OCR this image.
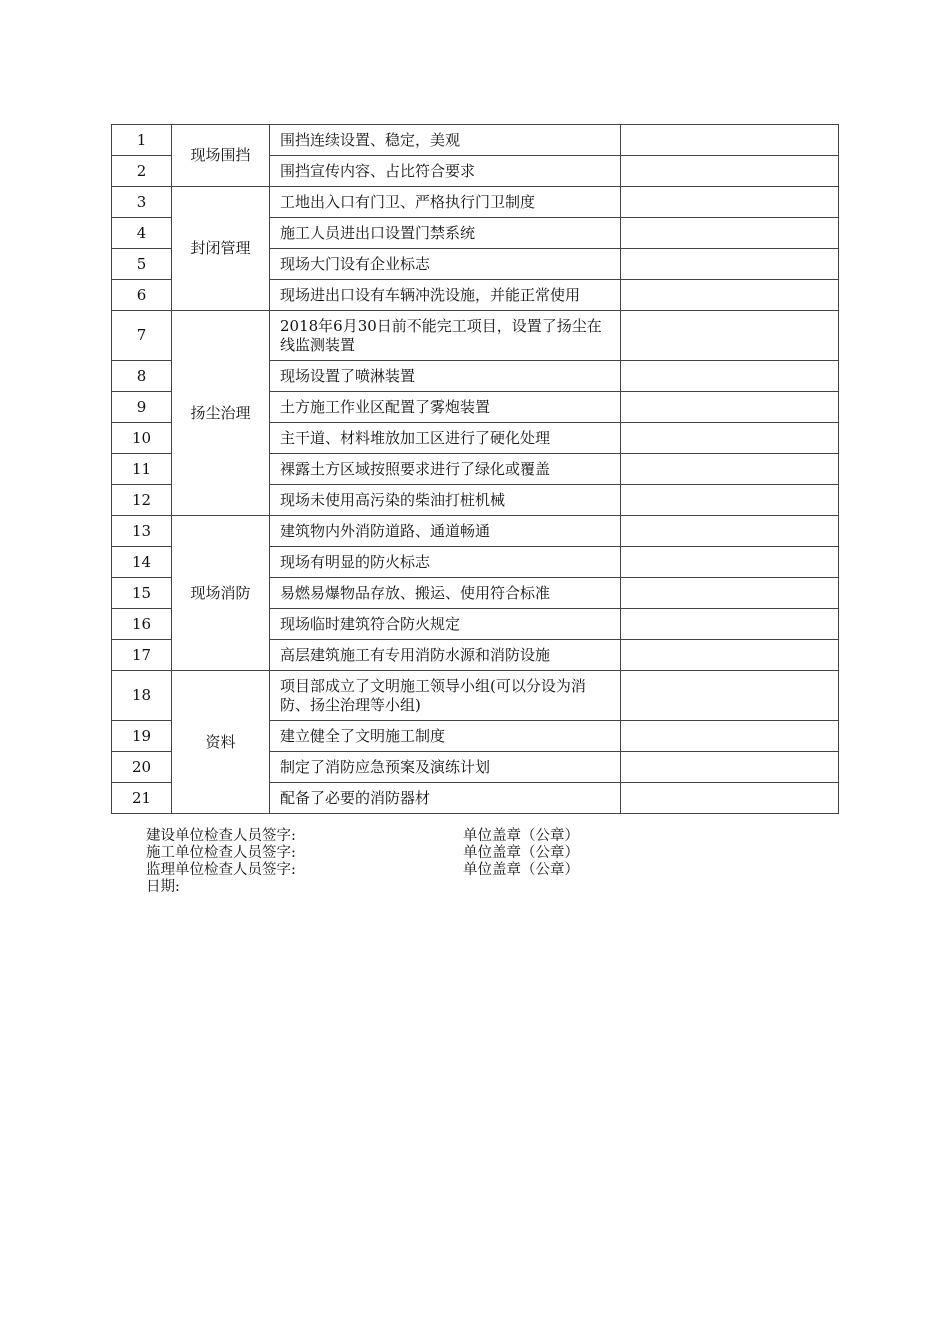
1	现场围挡	围挡连续设置、稳定，美观	
2		围挡宣传内容、占比符合要求	
3	封闭管理	工地出入口有门卫、严格执行门卫制度	
4		施工人员进出口设置门禁系统	
5		现场大门设有企业标志	
6		现场进出口设有车辆冲洗设施，并能正常使用	
7	扬尘治理	2018年6月30日前不能完工项目，设置了扬尘在线监测装置	
8		现场设置了喷淋装置	
9		土方施工作业区配置了雾炮装置	
10		主干道、材料堆放加工区进行了硬化处理	
11		裸露土方区域按照要求进行了绿化或覆盖	
12		现场未使用高污染的柴油打桩机械	
13	现场消防	建筑物内外消防道路、通道畅通	
14		现场有明显的防火标志	
15		易燃易爆物品存放、搬运、使用符合标准	
16		现场临时建筑符合防火规定	
17		高层建筑施工有专用消防水源和消防设施	
18	资料	项目部成立了文明施工领导小组(可以分设为消防、扬尘治理等小组)	
19		建立健全了文明施工制度	
20		制定了消防应急预案及演练计划	
21		配备了必要的消防器材	
建设单位检查人员签字:	单位盖章（公章）
施工单位检查人员签字:	单位盖章（公章）
监理单位检查人员签字:	单位盖章（公章）
日期:
